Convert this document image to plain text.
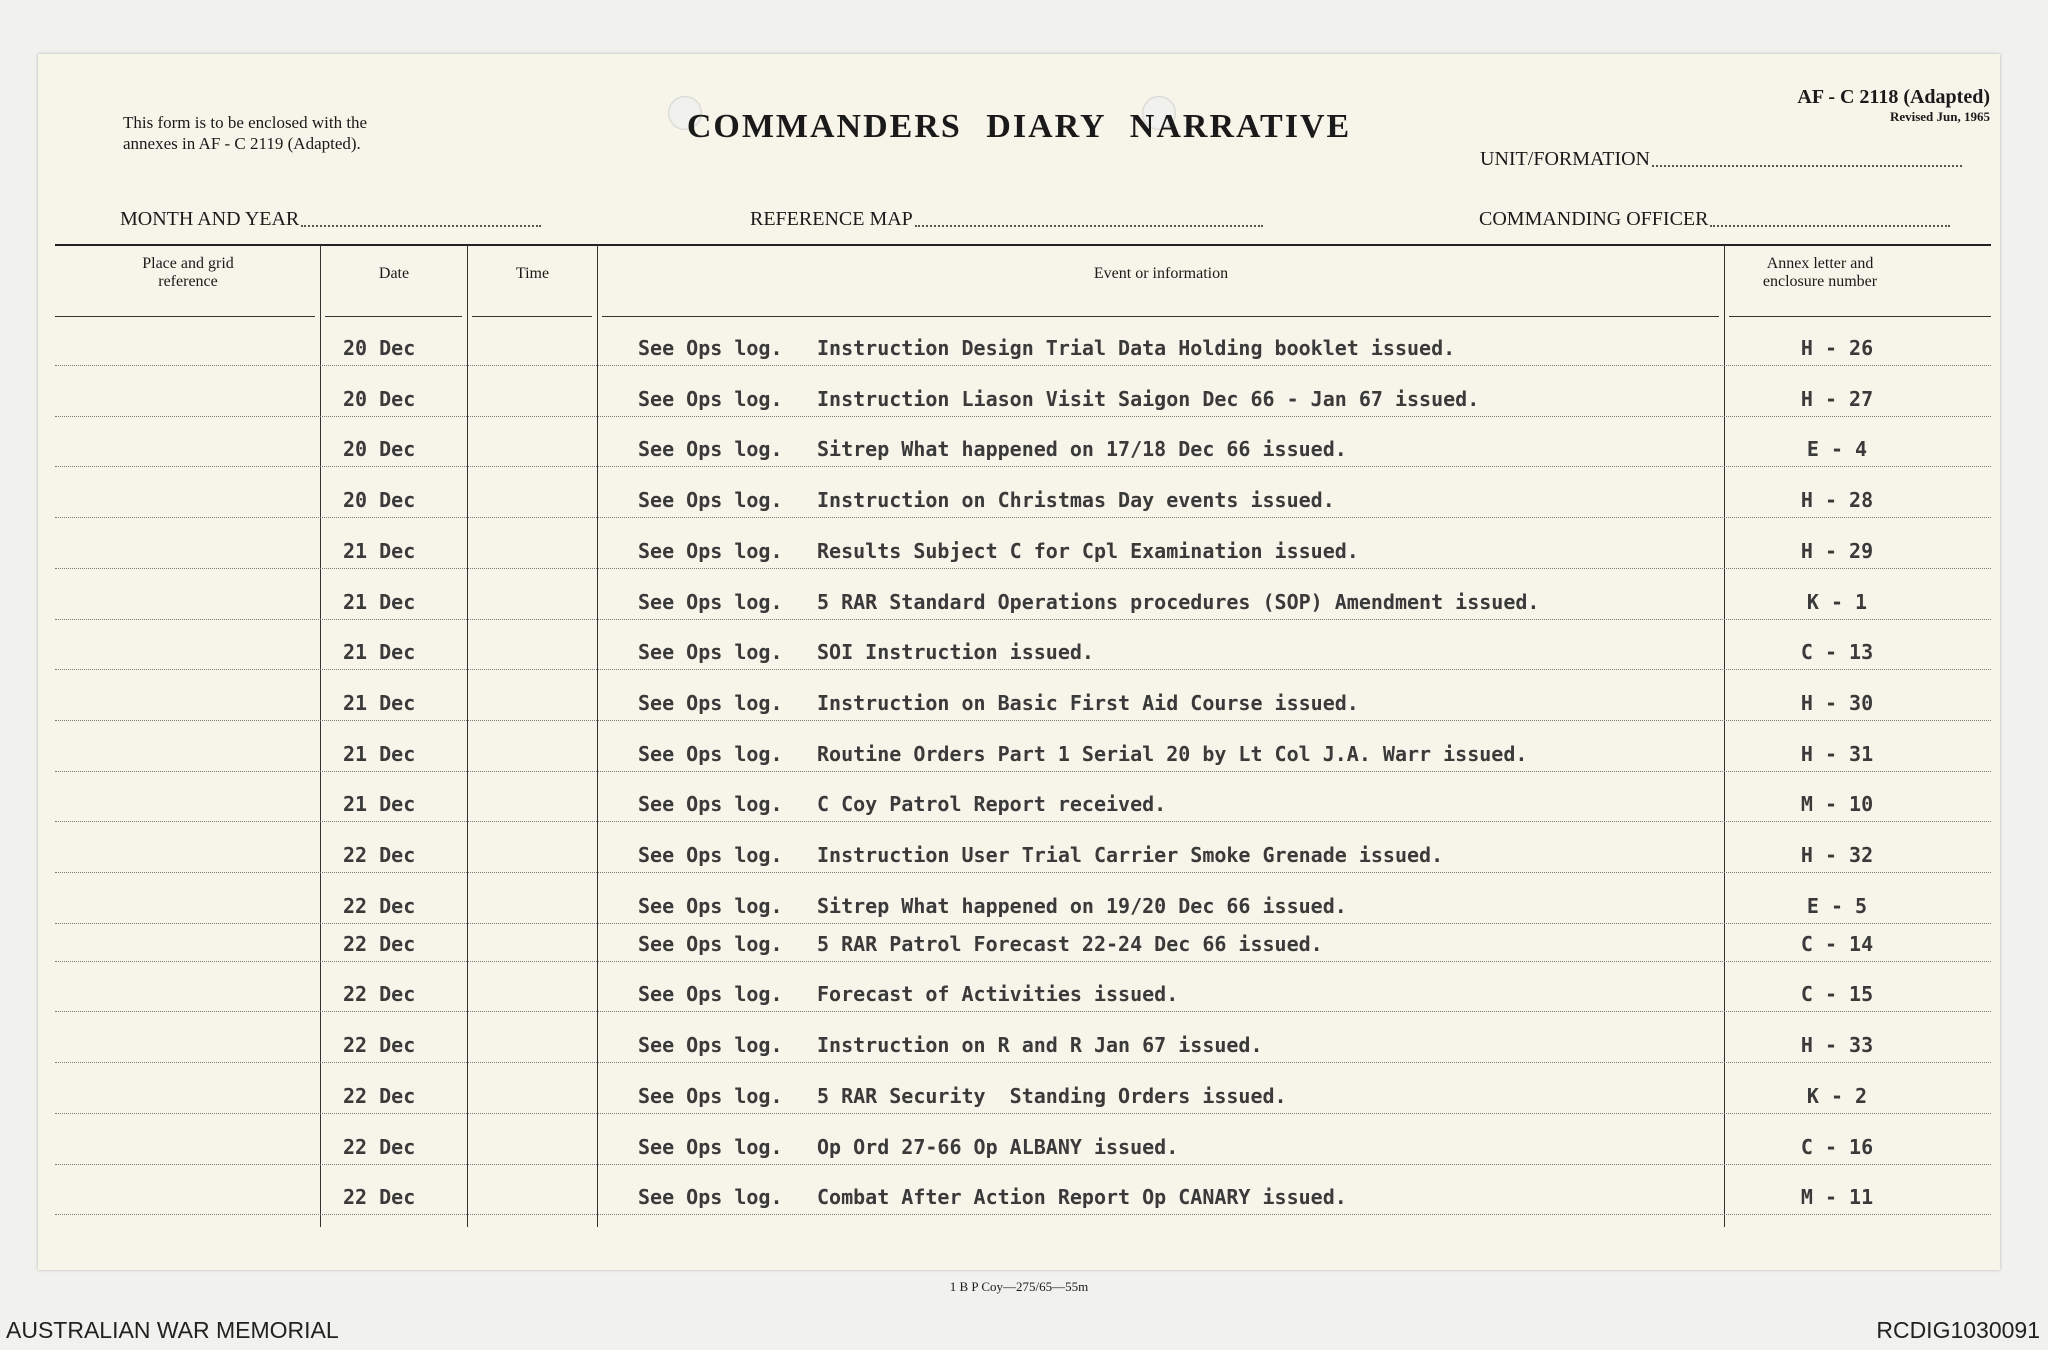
This form is to be enclosed with the
annexes in AF - C 2119 (Adapted).	COMMANDERS DIARY NARRATIVE
AF - C 2118 (Adapted)
Revised Jun, 1965
UNIT/FORMATION
MONTH AND YEAR	REFERENCE MAP	COMMANDING OFFICER
Place and grid reference	Date	Time	Event or information
Annex letter and enclosure number
20 Dec	See Ops log. Instruction Design Trial Data Holding booklet issued.	H - 26
20 Dec	See Ops log. Instruction Liason Visit Saigon Dec 66 - Jan 67 issued.	H - 27
20 Dec	See Ops log. Sitrep What happened on 17/18 Dec 66 issued.	E - 4
20 Dec	See Ops log. Instruction on Christmas Day events issued.	H - 28
21 Dec	See Ops log. Results Subject C for Cpl Examination issued.	H - 29
21 Dec	See Ops log. 5 RAR Standard Operations procedures (SOP) Amendment issued.	K - 1
21 Dec	See Ops log. SOI Instruction issued.	C - 13
21 Dec	See Ops log. Instruction on Basic First Aid Course issued.	H - 30
21 Dec	See Ops log. Routine Orders Part 1 Serial 20 by Lt Col J.A. Warr issued.	H - 31
21 Dec	See Ops log. C Coy Patrol Report received.	M - 10
22 Dec	See Ops log. Instruction User Trial Carrier Smoke Grenade issued.	H - 32
22 Dec	See Ops log. Sitrep What happened on 19/20 Dec 66 issued.	E - 5
22 Dec	See Ops log. 5 RAR Patrol Forecast 22-24 Dec 66 issued.	C - 14
22 Dec	See Ops log. Forecast of Activities issued.	C - 15
22 Dec	See Ops log. Instruction on R and R Jan 67 issued.	H - 33
22 Dec	See Ops log. 5 RAR Security  Standing Orders issued.	K - 2
22 Dec	See Ops log. Op Ord 27-66 Op ALBANY issued.	C - 16
22 Dec	See Ops log. Combat After Action Report Op CANARY issued.	M - 11
1 B P Coy—275/65—55m
AUSTRALIAN WAR MEMORIAL	RCDIG1030091
